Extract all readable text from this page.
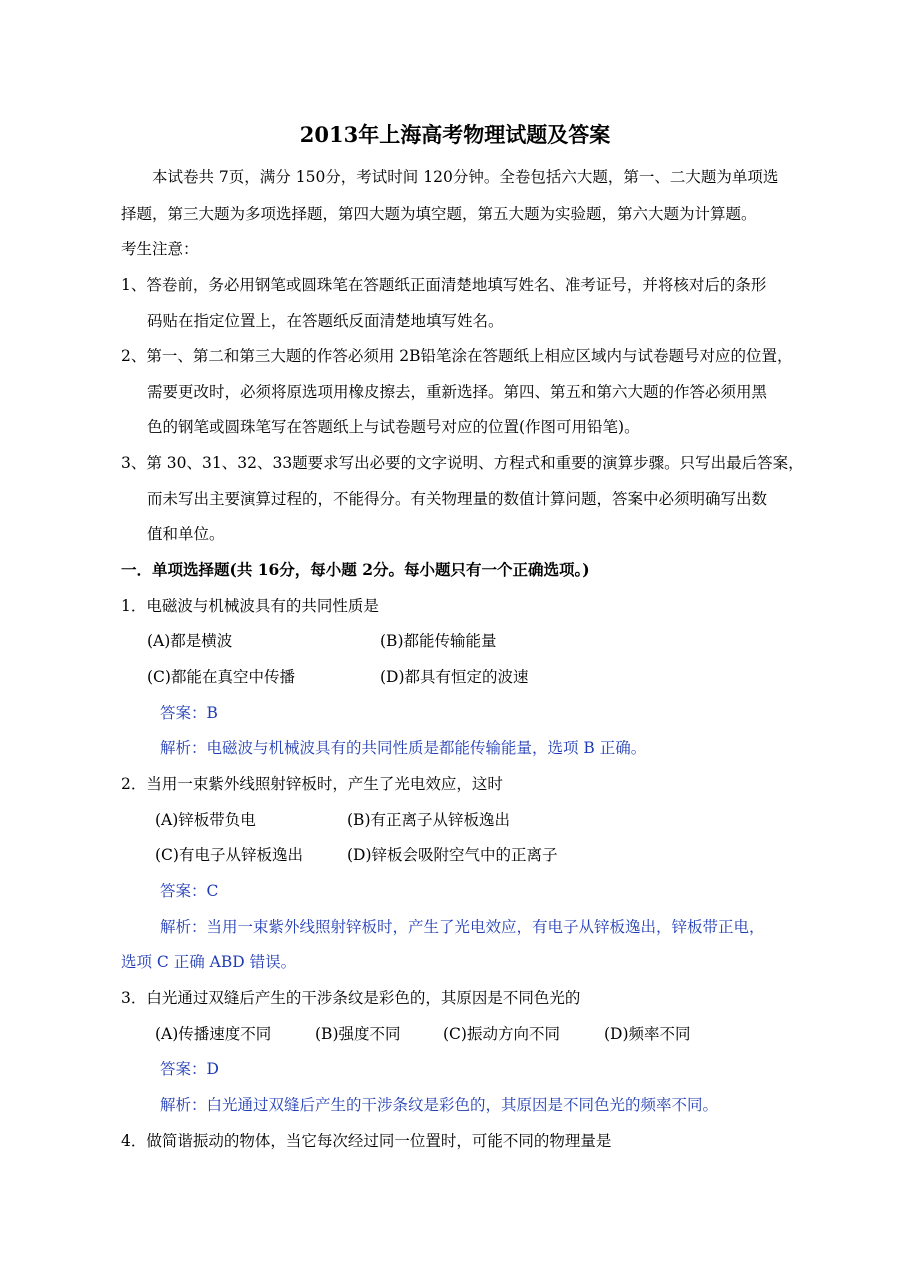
2013年上海高考物理试题及答案
本试卷共 7页，满分 150分，考试时间 120分钟。全卷包括六大题，第一、二大题为单项选
择题，第三大题为多项选择题，第四大题为填空题，第五大题为实验题，第六大题为计算题。
考生注意：
1、答卷前，务必用钢笔或圆珠笔在答题纸正面清楚地填写姓名、准考证号，并将核对后的条形
码贴在指定位置上，在答题纸反面清楚地填写姓名。
2、第一、第二和第三大题的作答必须用 2B铅笔涂在答题纸上相应区域内与试卷题号对应的位置，
需要更改时，必须将原选项用橡皮擦去，重新选择。第四、第五和第六大题的作答必须用黑
色的钢笔或圆珠笔写在答题纸上与试卷题号对应的位置(作图可用铅笔)。
3、第 30、31、32、33题要求写出必要的文字说明、方程式和重要的演算步骤。只写出最后答案，
而未写出主要演算过程的，不能得分。有关物理量的数值计算问题，答案中必须明确写出数
值和单位。
一．单项选择题(共 16分，每小题 2分。每小题只有一个正确选项。)
1．电磁波与机械波具有的共同性质是
(A)都是横波	(B)都能传输能量
(C)都能在真空中传播	(D)都具有恒定的波速
答案：B
解析：电磁波与机械波具有的共同性质是都能传输能量，选项 B 正确。
2．当用一束紫外线照射锌板时，产生了光电效应，这时
(A)锌板带负电	(B)有正离子从锌板逸出
(C)有电子从锌板逸出	(D)锌板会吸附空气中的正离子
答案：C
解析：当用一束紫外线照射锌板时，产生了光电效应，有电子从锌板逸出，锌板带正电，
选项 C 正确 ABD 错误。
3．白光通过双缝后产生的干涉条纹是彩色的，其原因是不同色光的
(A)传播速度不同	(B)强度不同	(C)振动方向不同	(D)频率不同
答案：D
解析：白光通过双缝后产生的干涉条纹是彩色的，其原因是不同色光的频率不同。
4．做简谐振动的物体，当它每次经过同一位置时，可能不同的物理量是
